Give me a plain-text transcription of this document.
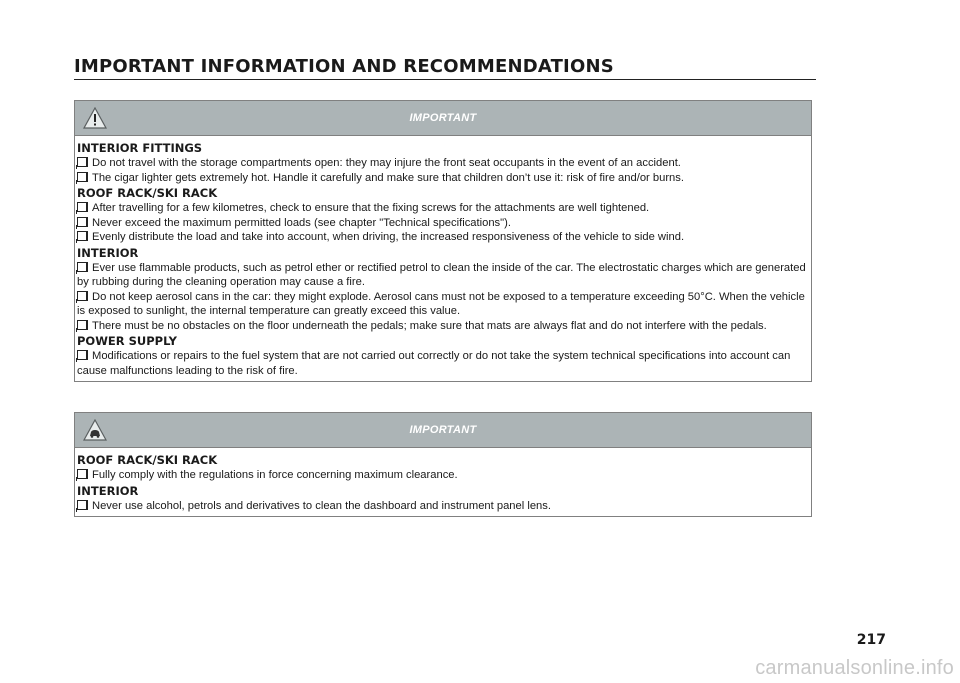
IMPORTANT INFORMATION AND RECOMMENDATIONS
IMPORTANT
INTERIOR FITTINGS
Do not travel with the storage compartments open: they may injure the front seat occupants in the event of an accident.
The cigar lighter gets extremely hot. Handle it carefully and make sure that children don’t use it: risk of fire and/or burns.
ROOF RACK/SKI RACK
After travelling for a few kilometres, check to ensure that the fixing screws for the attachments are well tightened.
Never exceed the maximum permitted loads (see chapter "Technical specifications").
Evenly distribute the load and take into account, when driving, the increased responsiveness of the vehicle to side wind.
INTERIOR
Ever use flammable products, such as petrol ether or rectified petrol to clean the inside of the car. The electrostatic charges which are generated by rubbing during the cleaning operation may cause a fire.
Do not keep aerosol cans in the car: they might explode. Aerosol cans must not be exposed to a temperature exceeding 50°C. When the vehicle is exposed to sunlight, the internal temperature can greatly exceed this value.
There must be no obstacles on the floor underneath the pedals; make sure that mats are always flat and do not interfere with the pedals.
POWER SUPPLY
Modifications or repairs to the fuel system that are not carried out correctly or do not take the system technical specifications into account can cause malfunctions leading to the risk of fire.
IMPORTANT
ROOF RACK/SKI RACK
Fully comply with the regulations in force concerning maximum clearance.
INTERIOR
Never use alcohol, petrols and derivatives to clean the dashboard and instrument panel lens.
217
carmanualsonline.info
